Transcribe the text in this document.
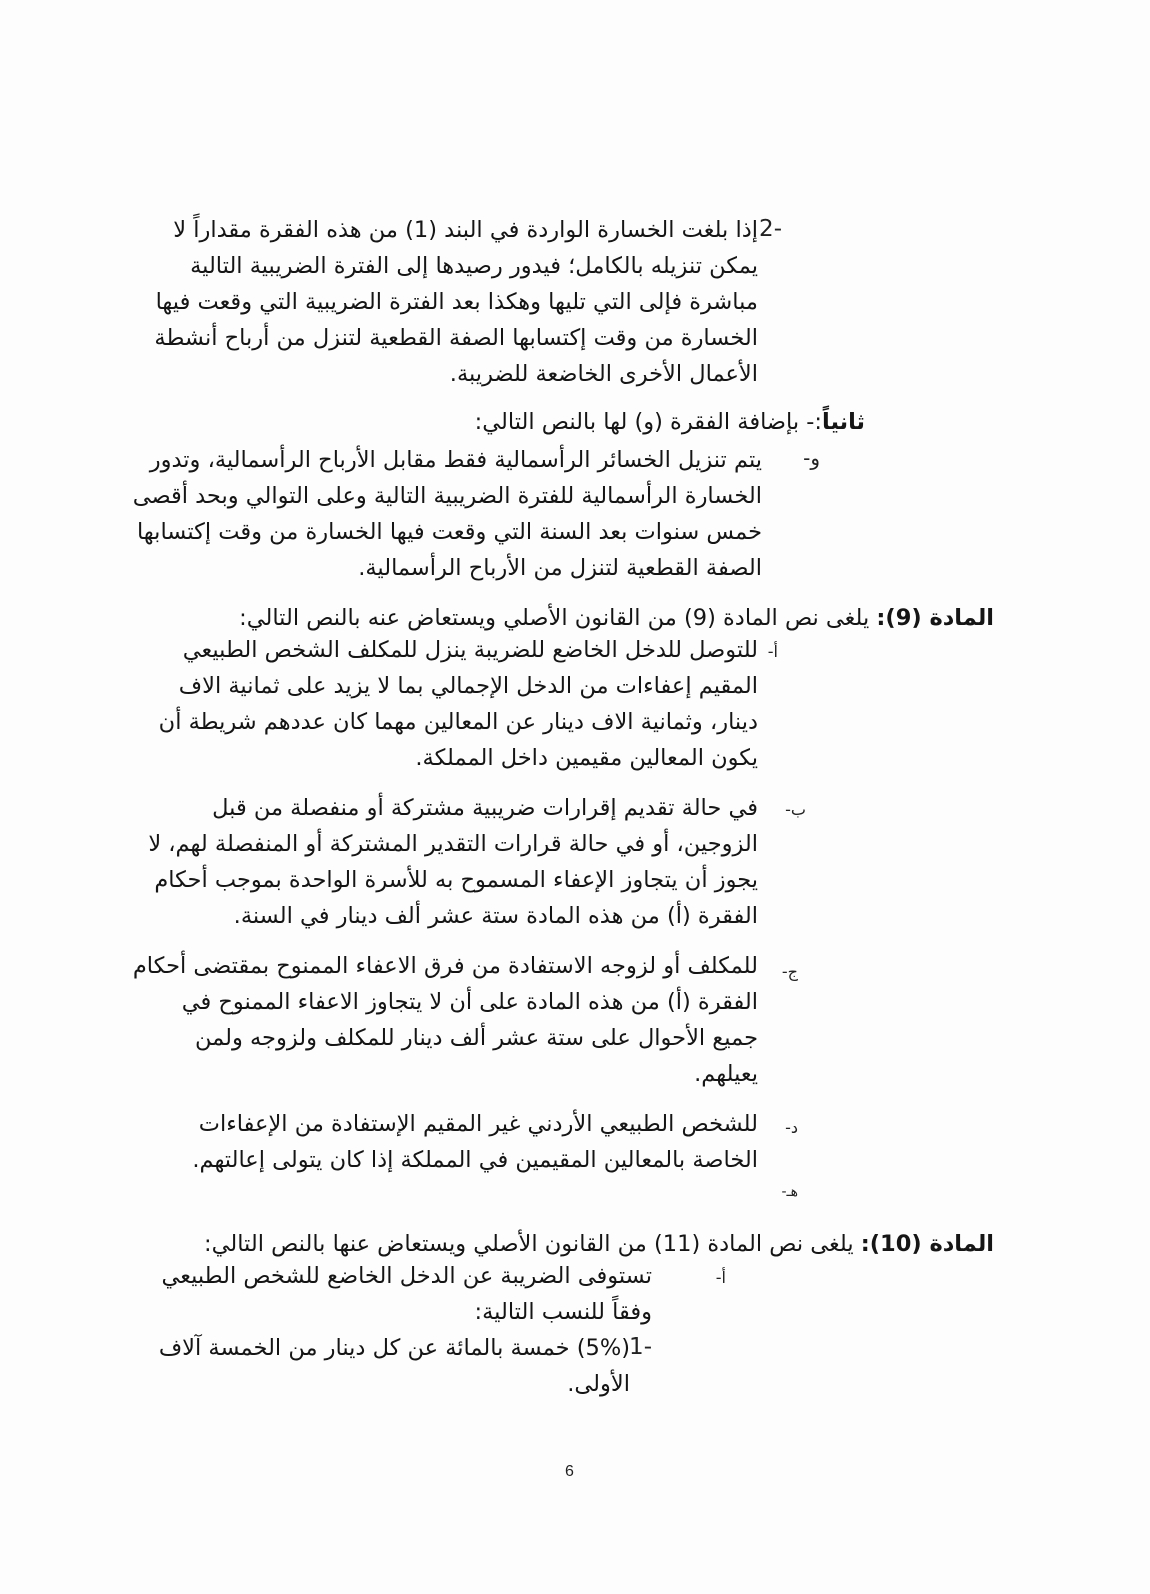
-2
إذا بلغت الخسارة الواردة في البند (1) من هذه الفقرة مقداراً لا
يمكن تنزيله بالكامل؛ فيدور رصيدها إلى الفترة الضريبية التالية
مباشرة فإلى التي تليها وهكذا بعد الفترة الضريبية التي وقعت فيها
الخسارة من وقت إكتسابها الصفة القطعية لتنزل من أرباح أنشطة
الأعمال الأخرى الخاضعة للضريبة.
ثانياً:- بإضافة الفقرة (و) لها بالنص التالي:
و-
يتم تنزيل الخسائر الرأسمالية فقط مقابل الأرباح الرأسمالية، وتدور
الخسارة الرأسمالية للفترة الضريبية التالية وعلى التوالي وبحد أقصى
خمس سنوات بعد السنة التي وقعت فيها الخسارة من وقت إكتسابها
الصفة القطعية لتنزل من الأرباح الرأسمالية.
المادة (9): يلغى نص المادة (9) من القانون الأصلي ويستعاض عنه بالنص التالي:
أ-
للتوصل للدخل الخاضع للضريبة ينزل للمكلف الشخص الطبيعي
المقيم إعفاءات من الدخل الإجمالي بما لا يزيد على ثمانية الاف
دينار، وثمانية الاف دينار عن المعالين مهما كان عددهم شريطة أن
يكون المعالين مقيمين داخل المملكة.
ب-
في حالة تقديم إقرارات ضريبية مشتركة أو منفصلة من قبل
الزوجين، أو في حالة قرارات التقدير المشتركة أو المنفصلة لهم، لا
يجوز أن يتجاوز الإعفاء المسموح به للأسرة الواحدة بموجب أحكام
الفقرة (أ) من هذه المادة ستة عشر ألف دينار في السنة.
ج-
للمكلف أو لزوجه الاستفادة من فرق الاعفاء الممنوح بمقتضى أحكام
الفقرة (أ) من هذه المادة على أن لا يتجاوز الاعفاء الممنوح في
جميع الأحوال على ستة عشر ألف دينار للمكلف ولزوجه ولمن
يعيلهم.
د-
للشخص الطبيعي الأردني غير المقيم الإستفادة من الإعفاءات
الخاصة بالمعالين المقيمين في المملكة إذا كان يتولى إعالتهم.
هـ-
المادة (10): يلغى نص المادة (11) من القانون الأصلي ويستعاض عنها بالنص التالي:
أ-
تستوفى الضريبة عن الدخل الخاضع للشخص الطبيعي
وفقاً للنسب التالية:
-1
(5%) خمسة بالمائة عن كل دينار من الخمسة آلاف
الأولى.
6
